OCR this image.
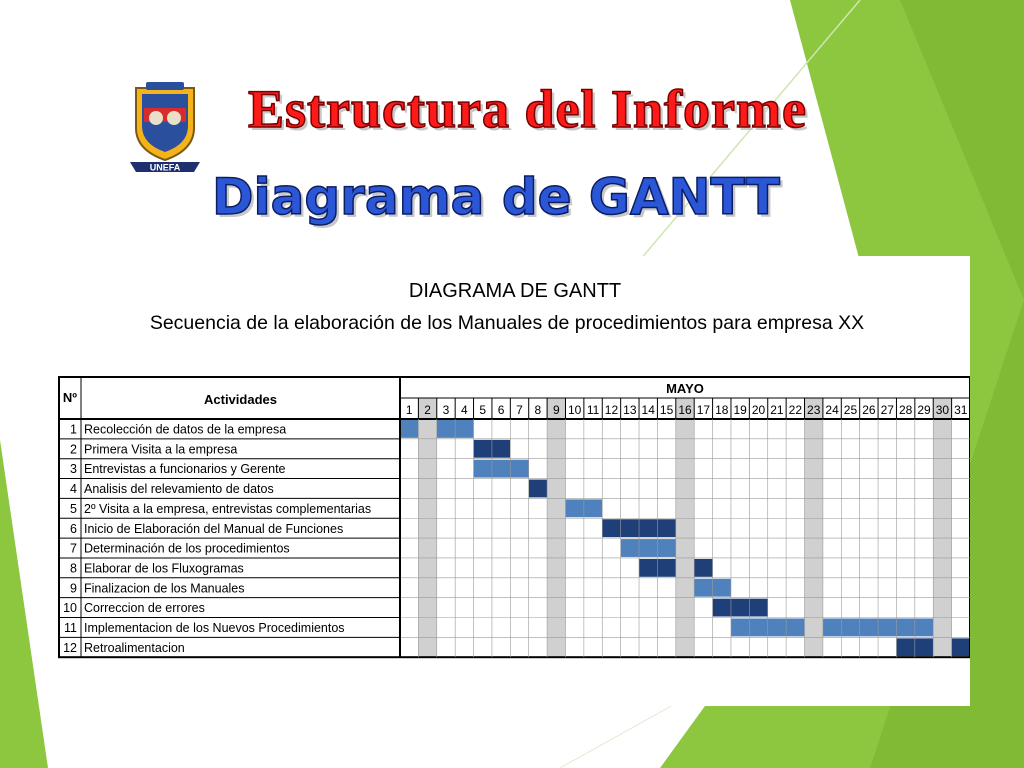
UNEFA
Estructura del Informe
Diagrama de GANTT

DIAGRAMA DE GANTT

Secuencia de la elaboración de los Manuales de procedimientos para empresa XX

Nº	Actividades
MAYO
1 2 3 4 5 6 7 8 9 10 11 12 13 14 15 16 17 18 19 20 21 22 23 24 25 26 27 28 29 30 31
1 Recolección de datos de la empresa
2 Primera Visita a la empresa
3 Entrevistas a funcionarios y Gerente
4 Analisis del relevamiento de datos
5 2º Visita a la empresa, entrevistas complementarias
6 Inicio de Elaboración del Manual de Funciones
7 Determinación de los procedimientos
8 Elaborar de los Fluxogramas
9 Finalizacion de los Manuales
10 Correccion de errores
11 Implementacion de los Nuevos Procedimientos
12 Retroalimentacion
